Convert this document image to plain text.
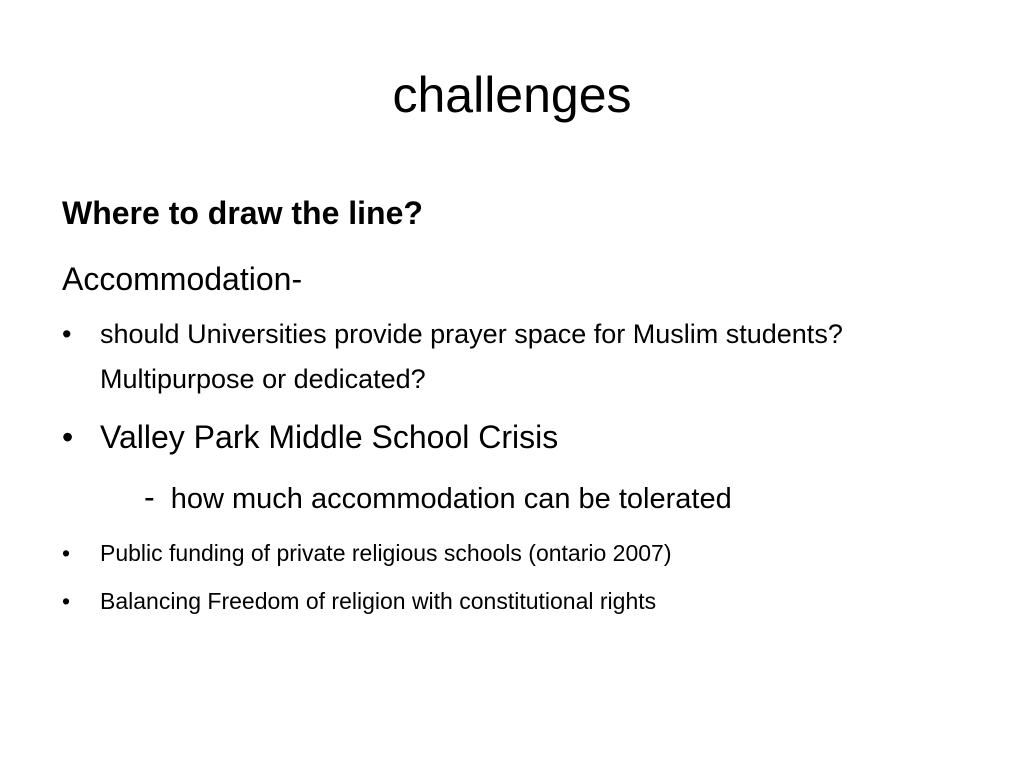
challenges
Where to draw the line?
Accommodation-
• should Universities provide prayer space for Muslim students? Multipurpose or dedicated?
• Valley Park Middle School Crisis
- how much accommodation can be tolerated
• Public funding of private religious schools (ontario 2007)
• Balancing Freedom of religion with constitutional rights
